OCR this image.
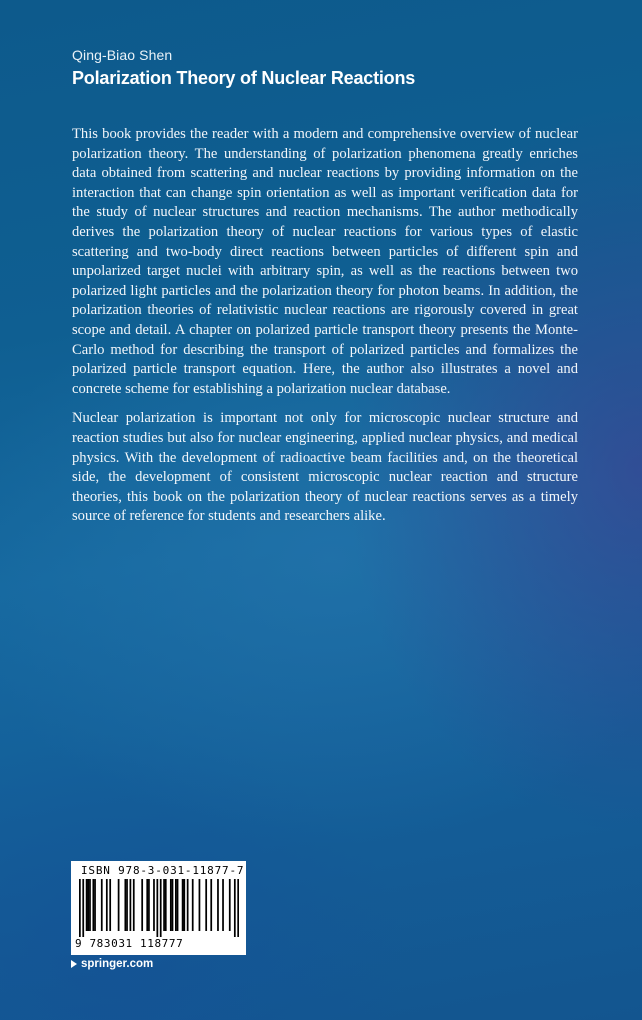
Qing-Biao Shen
Polarization Theory of Nuclear Reactions

This book provides the reader with a modern and comprehensive overview of nuclear polarization theory. The understanding of polarization phenomena greatly enriches data obtained from scattering and nuclear reactions by providing information on the interaction that can change spin orientation as well as important verification data for the study of nuclear structures and reaction mechanisms. The author methodically derives the polarization theory of nuclear reactions for various types of elastic scattering and two-body direct reactions between particles of different spin and unpolarized target nuclei with arbitrary spin, as well as the reactions between two polarized light particles and the polarization theory for photon beams. In addition, the polarization theories of relativistic nuclear reactions are rigorously covered in great scope and detail. A chapter on polarized particle transport theory presents the Monte-Carlo method for describing the transport of polarized particles and formalizes the polarized particle transport equation. Here, the author also illustrates a novel and concrete scheme for establishing a polarization nuclear database.

Nuclear polarization is important not only for microscopic nuclear structure and reaction studies but also for nuclear engineering, applied nuclear physics, and medical physics. With the development of radioactive beam facilities and, on the theoretical side, the development of consistent microscopic nuclear reaction and structure theories, this book on the polarization theory of nuclear reactions serves as a timely source of reference for students and researchers alike.

ISBN 978-3-031-11877-7
9 783031 118777
springer.com
